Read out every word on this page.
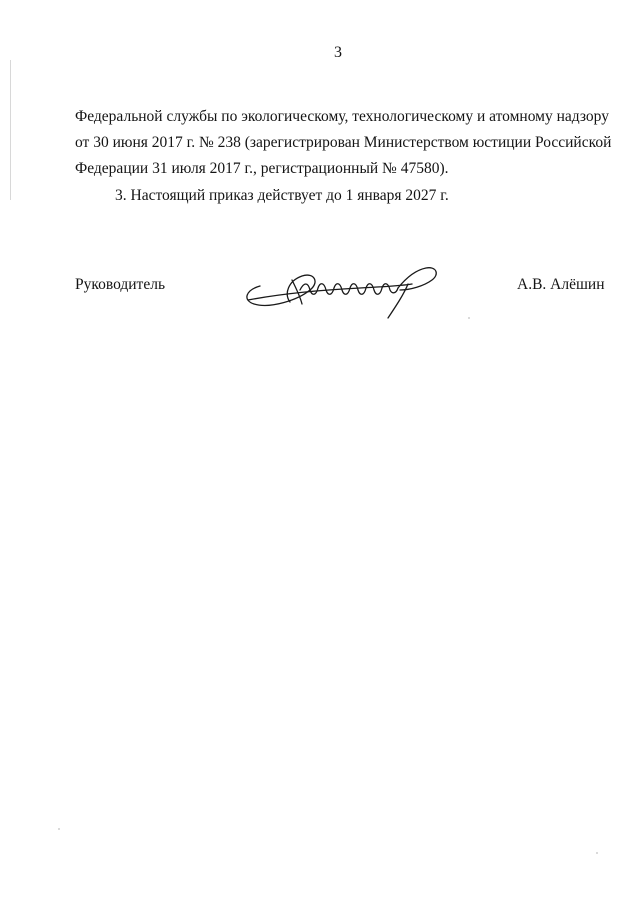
3
Федеральной службы по экологическому, технологическому и атомному надзору
от 30 июня 2017 г. № 238 (зарегистрирован Министерством юстиции Российской
Федерации 31 июля 2017 г., регистрационный № 47580).
3. Настоящий приказ действует до 1 января 2027 г.
Руководитель	А.В. Алёшин
